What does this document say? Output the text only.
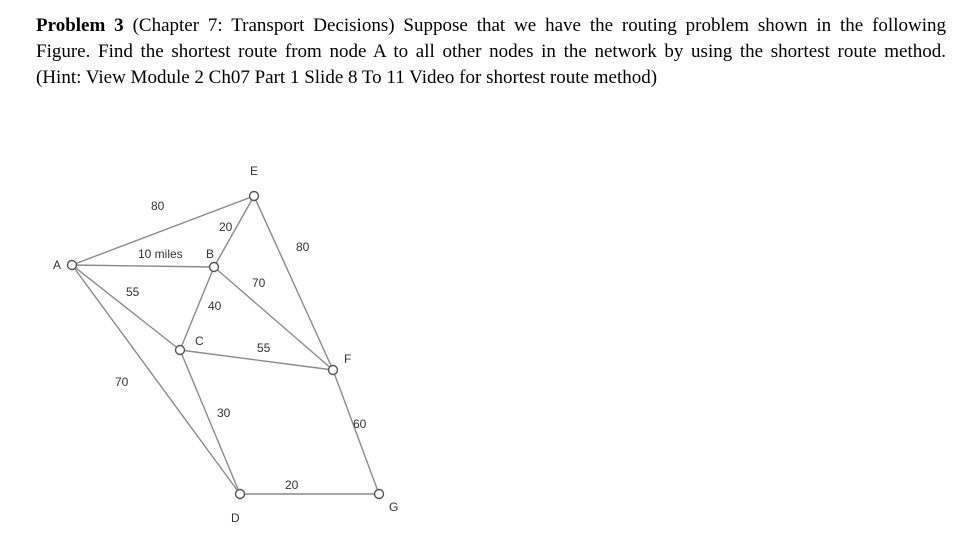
Problem 3 (Chapter 7: Transport Decisions) Suppose that we have the routing problem shown in the following
Figure. Find the shortest route from node A to all other nodes in the network by using the shortest route method.
(Hint: View Module 2 Ch07 Part 1 Slide 8 To 11 Video for shortest route method)
A
B
C
D
E
F
G
10 miles
80
20
55
70
40
70
80
55
30
60
20
